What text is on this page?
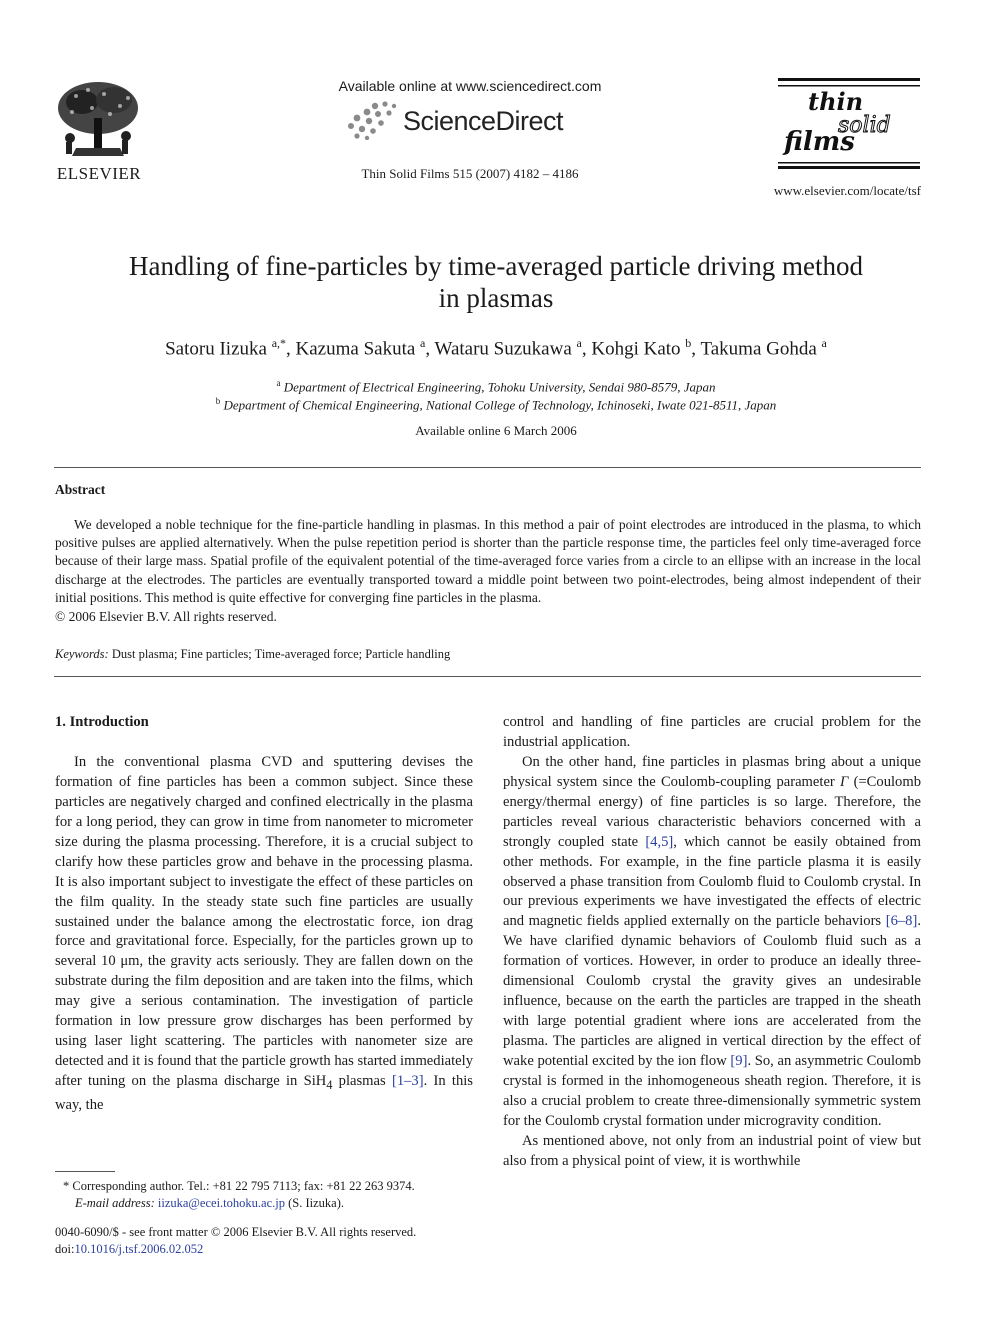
ELSEVIER
Available online at www.sciencedirect.com
ScienceDirect
Thin Solid Films 515 (2007) 4182 – 4186
thin
solid
films
www.elsevier.com/locate/tsf
Handling of fine-particles by time-averaged particle driving method
in plasmas
Satoru Iizuka $^{a,*}$, Kazuma Sakuta $^a$, Wataru Suzukawa $^a$, Kohgi Kato $^b$, Takuma Gohda $^a$
$^a$ Department of Electrical Engineering, Tohoku University, Sendai 980-8579, Japan
$^b$ Department of Chemical Engineering, National College of Technology, Ichinoseki, Iwate 021-8511, Japan
Available online 6 March 2006
Abstract
We developed a noble technique for the fine-particle handling in plasmas. In this method a pair of point electrodes are introduced in the plasma, to which positive pulses are applied alternatively. When the pulse repetition period is shorter than the particle response time, the particles feel only time-averaged force because of their large mass. Spatial profile of the equivalent potential of the time-averaged force varies from a circle to an ellipse with an increase in the local discharge at the electrodes. The particles are eventually transported toward a middle point between two point-electrodes, being almost independent of their initial positions. This method is quite effective for converging fine particles in the plasma.
© 2006 Elsevier B.V. All rights reserved.
Keywords: Dust plasma; Fine particles; Time-averaged force; Particle handling
1. Introduction

In the conventional plasma CVD and sputtering devises the formation of fine particles has been a common subject. Since these particles are negatively charged and confined electrically in the plasma for a long period, they can grow in time from nanometer to micrometer size during the plasma processing. Therefore, it is a crucial subject to clarify how these particles grow and behave in the processing plasma. It is also important subject to investigate the effect of these particles on the film quality. In the steady state such fine particles are usually sustained under the balance among the electrostatic force, ion drag force and gravitational force. Especially, for the particles grown up to several 10 μm, the gravity acts seriously. They are fallen down on the substrate during the film deposition and are taken into the films, which may give a serious contamination. The investigation of particle formation in low pressure grow discharges has been performed by using laser light scattering. The particles with nanometer size are detected and it is found that the particle growth has started immediately after tuning on the plasma discharge in SiH$_4$ plasmas [1–3]. In this way, the

control and handling of fine particles are crucial problem for the industrial application.

On the other hand, fine particles in plasmas bring about a unique physical system since the Coulomb-coupling parameter Γ (=Coulomb energy/thermal energy) of fine particles is so large. Therefore, the particles reveal various characteristic behaviors concerned with a strongly coupled state [4,5], which cannot be easily obtained from other methods. For example, in the fine particle plasma it is easily observed a phase transition from Coulomb fluid to Coulomb crystal. In our previous experiments we have investigated the effects of electric and magnetic fields applied externally on the particle behaviors [6–8]. We have clarified dynamic behaviors of Coulomb fluid such as a formation of vortices. However, in order to produce an ideally three-dimensional Coulomb crystal the gravity gives an undesirable influence, because on the earth the particles are trapped in the sheath with large potential gradient where ions are accelerated from the plasma. The particles are aligned in vertical direction by the effect of wake potential excited by the ion flow [9]. So, an asymmetric Coulomb crystal is formed in the inhomogeneous sheath region. Therefore, it is also a crucial problem to create three-dimensionally symmetric system for the Coulomb crystal formation under microgravity condition.

As mentioned above, not only from an industrial point of view but also from a physical point of view, it is worthwhile

* Corresponding author. Tel.: +81 22 795 7113; fax: +81 22 263 9374.
E-mail address: iizuka@ecei.tohoku.ac.jp (S. Iizuka).
0040-6090/$ - see front matter © 2006 Elsevier B.V. All rights reserved.
doi:10.1016/j.tsf.2006.02.052
